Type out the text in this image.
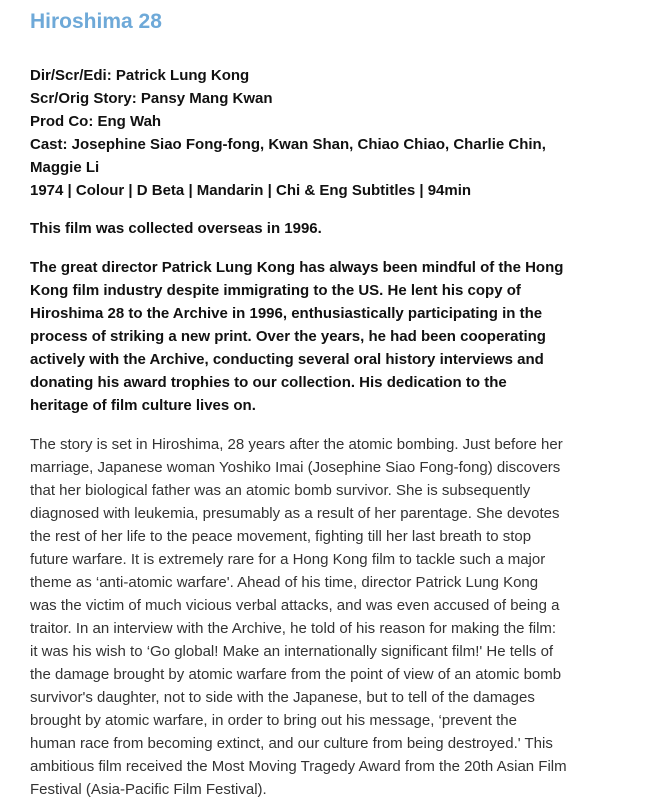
Hiroshima 28
Dir/Scr/Edi: Patrick Lung Kong
Scr/Orig Story: Pansy Mang Kwan
Prod Co: Eng Wah
Cast: Josephine Siao Fong-fong, Kwan Shan, Chiao Chiao, Charlie Chin,
Maggie Li
1974 | Colour | D Beta | Mandarin | Chi & Eng Subtitles | 94min

This film was collected overseas in 1996.

The great director Patrick Lung Kong has always been mindful of the Hong
Kong film industry despite immigrating to the US. He lent his copy of
Hiroshima 28 to the Archive in 1996, enthusiastically participating in the
process of striking a new print. Over the years, he had been cooperating
actively with the Archive, conducting several oral history interviews and
donating his award trophies to our collection. His dedication to the
heritage of film culture lives on.
The story is set in Hiroshima, 28 years after the atomic bombing. Just before her
marriage, Japanese woman Yoshiko Imai (Josephine Siao Fong-fong) discovers
that her biological father was an atomic bomb survivor. She is subsequently
diagnosed with leukemia, presumably as a result of her parentage. She devotes
the rest of her life to the peace movement, fighting till her last breath to stop
future warfare. It is extremely rare for a Hong Kong film to tackle such a major
theme as ‘anti-atomic warfare'. Ahead of his time, director Patrick Lung Kong
was the victim of much vicious verbal attacks, and was even accused of being a
traitor. In an interview with the Archive, he told of his reason for making the film:
it was his wish to ‘Go global! Make an internationally significant film!' He tells of
the damage brought by atomic warfare from the point of view of an atomic bomb
survivor's daughter, not to side with the Japanese, but to tell of the damages
brought by atomic warfare, in order to bring out his message, ‘prevent the
human race from becoming extinct, and our culture from being destroyed.' This
ambitious film received the Most Moving Tragedy Award from the 20th Asian Film
Festival (Asia-Pacific Film Festival).
